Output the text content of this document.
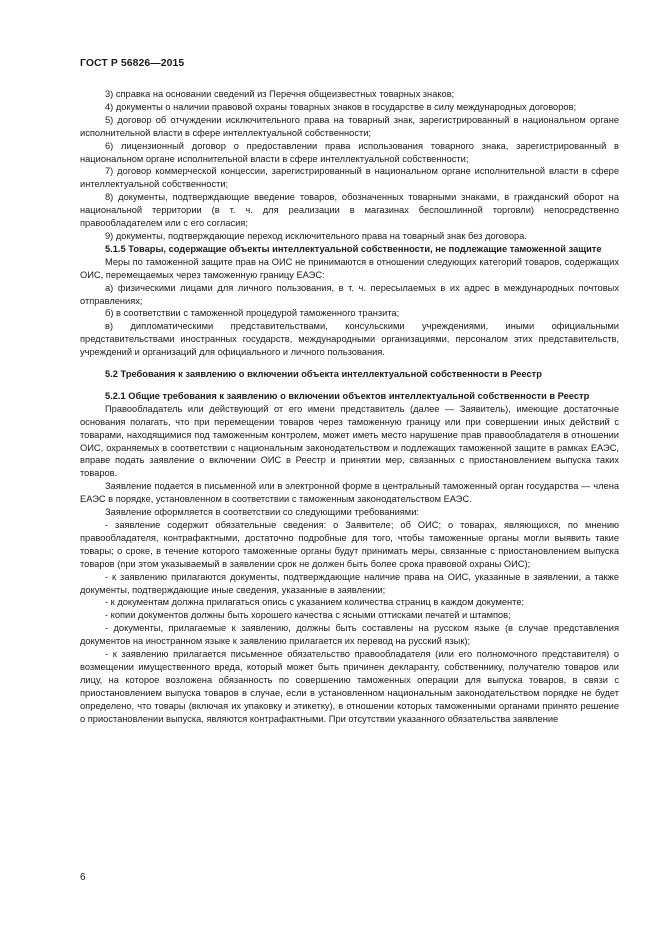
ГОСТ Р 56826—2015

3) справка на основании сведений из Перечня общеизвестных товарных знаков;

4) документы о наличии правовой охраны товарных знаков в государстве в силу международных договоров;

5) договор об отчуждении исключительного права на товарный знак, зарегистрированный в национальном органе исполнительной власти в сфере интеллектуальной собственности;

6) лицензионный договор о предоставлении права использования товарного знака, зарегистрированный в национальном органе исполнительной власти в сфере интеллектуальной собственности;

7) договор коммерческой концессии, зарегистрированный в национальном органе исполнительной власти в сфере интеллектуальной собственности;

8) документы, подтверждающие введение товаров, обозначенных товарными знаками, в гражданский оборот на национальной территории (в т. ч. для реализации в магазинах беспошлинной торговли) непосредственно правообладателем или с его согласия;

9) документы, подтверждающие переход исключительного права на товарный знак без договора.

5.1.5 Товары, содержащие объекты интеллектуальной собственности, не подлежащие таможенной защите

Меры по таможенной защите прав на ОИС не принимаются в отношении следующих категорий товаров, содержащих ОИС, перемещаемых через таможенную границу ЕАЭС:

а) физическими лицами для личного пользования, в т. ч. пересылаемых в их адрес в международных почтовых отправлениях;

б) в соответствии с таможенной процедурой таможенного транзита;

в) дипломатическими представительствами, консульскими учреждениями, иными официальными представительствами иностранных государств, международными организациями, персоналом этих представительств, учреждений и организаций для официального и личного пользования.

5.2 Требования к заявлению о включении объекта интеллектуальной собственности в Реестр

5.2.1 Общие требования к заявлению о включении объектов интеллектуальной собственности в Реестр

Правообладатель или действующий от его имени представитель (далее — Заявитель), имеющие достаточные основания полагать, что при перемещении товаров через таможенную границу или при совершении иных действий с товарами, находящимися под таможенным контролем, может иметь место нарушение прав правообладателя в отношении ОИС, охраняемых в соответствии с национальным законодательством и подлежащих таможенной защите в рамках ЕАЭС, вправе подать заявление о включении ОИС в Реестр и принятии мер, связанных с приостановлением выпуска таких товаров.

Заявление подается в письменной или в электронной форме в центральный таможенный орган государства — члена ЕАЭС в порядке, установленном в соответствии с таможенным законодательством ЕАЭС.

Заявление оформляется в соответствии со следующими требованиями:

- заявление содержит обязательные сведения: о Заявителе; об ОИС; о товарах, являющихся, по мнению правообладателя, контрафактными, достаточно подробные для того, чтобы таможенные органы могли выявить такие товары; о сроке, в течение которого таможенные органы будут принимать меры, связанные с приостановлением выпуска товаров (при этом указываемый в заявлении срок не должен быть более срока правовой охраны ОИС);

- к заявлению прилагаются документы, подтверждающие наличие права на ОИС, указанные в заявлении, а также документы, подтверждающие иные сведения, указанные в заявлении;

- к документам должна прилагаться опись с указанием количества страниц в каждом документе;

- копии документов должны быть хорошего качества с ясными оттисками печатей и штампов;

- документы, прилагаемые к заявлению, должны быть составлены на русском языке (в случае представления документов на иностранном языке к заявлению прилагается их перевод на русский язык);

- к заявлению прилагается письменное обязательство правообладателя (или его полномочного представителя) о возмещении имущественного вреда, который может быть причинен декларанту, собственнику, получателю товаров или лицу, на которое возложена обязанность по совершению таможенных операции для выпуска товаров, в связи с приостановлением выпуска товаров в случае, если в установленном национальным законодательством порядке не будет определено, что товары (включая их упаковку и этикетку), в отношении которых таможенными органами принято решение о приостановлении выпуска, являются контрафактными. При отсутствии указанного обязательства заявление

6
